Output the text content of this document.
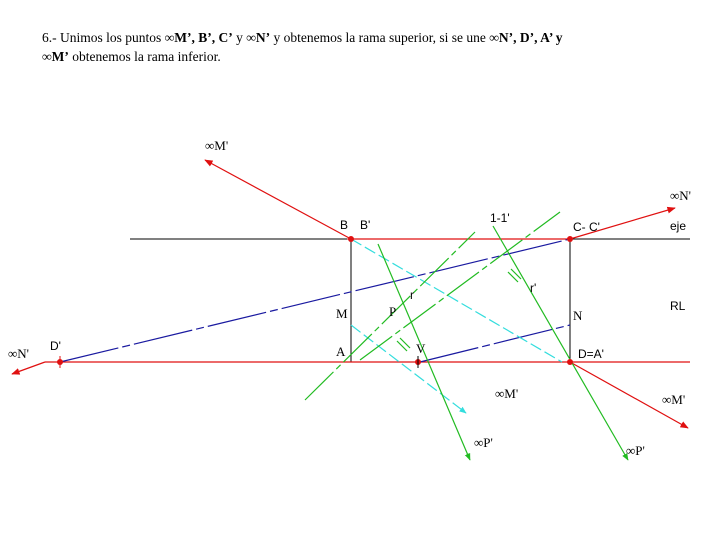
6.- Unimos los puntos ∞M’, B’, C’ y ∞N’ y obtenemos la rama superior, si se une ∞N’, D’, A’ y
∞M’ obtenemos la rama inferior.
∞M'
∞N'
eje
B B'	1-1'
C- C'
r	r'
M	P	N
RL
∞N' D'	A	V	D=A'
∞M'	∞M'
∞P'
∞P'
